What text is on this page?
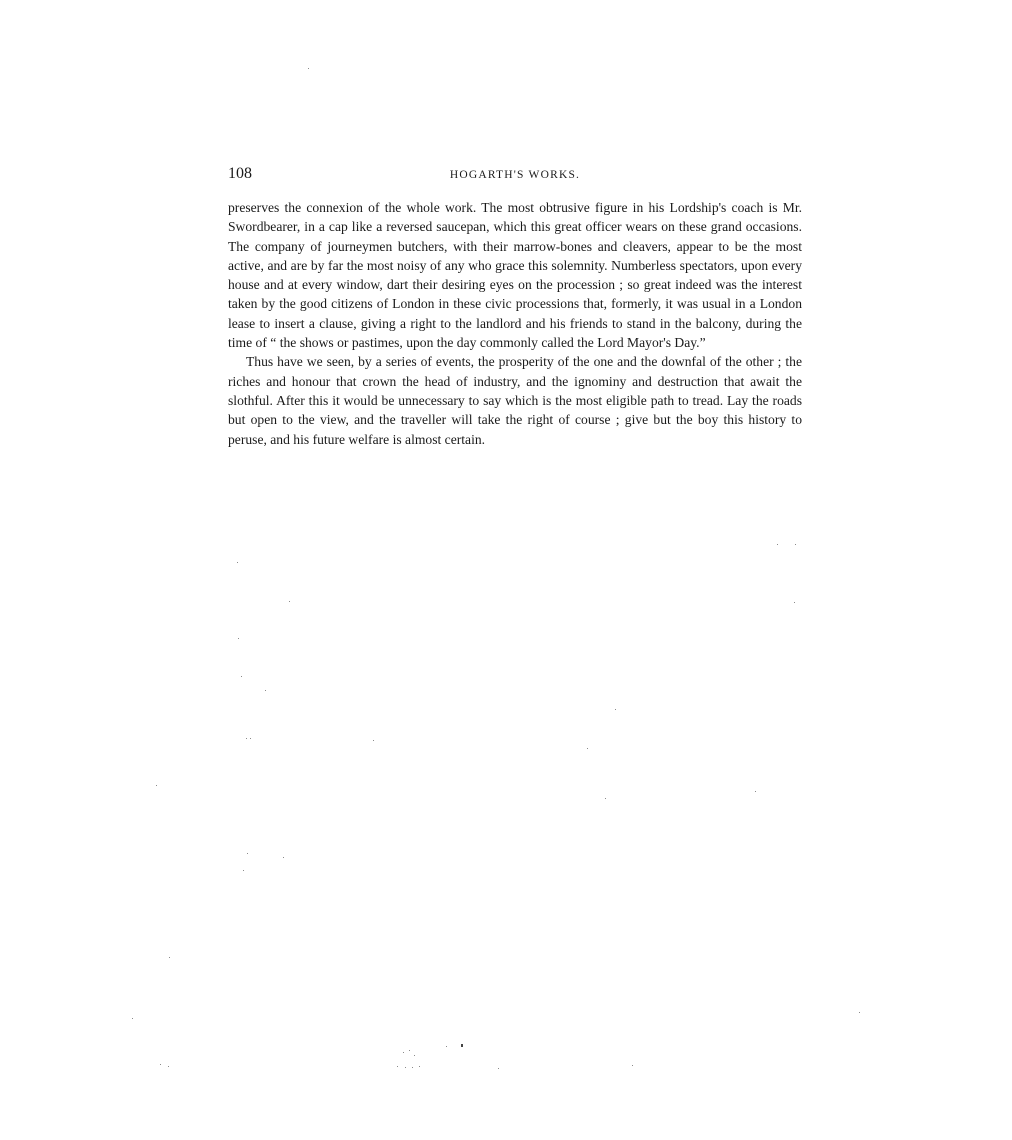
108	HOGARTH'S WORKS.

preserves the connexion of the whole work. The most obtrusive figure in his Lordship's coach is Mr. Swordbearer, in a cap like a reversed saucepan, which this great officer wears on these grand occasions. The company of journeymen butchers, with their marrow-bones and cleavers, appear to be the most active, and are by far the most noisy of any who grace this solemnity. Numberless spectators, upon every house and at every window, dart their desiring eyes on the procession ; so great indeed was the interest taken by the good citizens of London in these civic processions that, formerly, it was usual in a London lease to insert a clause, giving a right to the landlord and his friends to stand in the balcony, during the time of “ the shows or pastimes, upon the day commonly called the Lord Mayor's Day.”

Thus have we seen, by a series of events, the prosperity of the one and the downfal of the other ; the riches and honour that crown the head of industry, and the ignominy and destruction that await the slothful. After this it would be unnecessary to say which is the most eligible path to tread. Lay the roads but open to the view, and the traveller will take the right of course ; give but the boy this history to peruse, and his future welfare is almost certain.
